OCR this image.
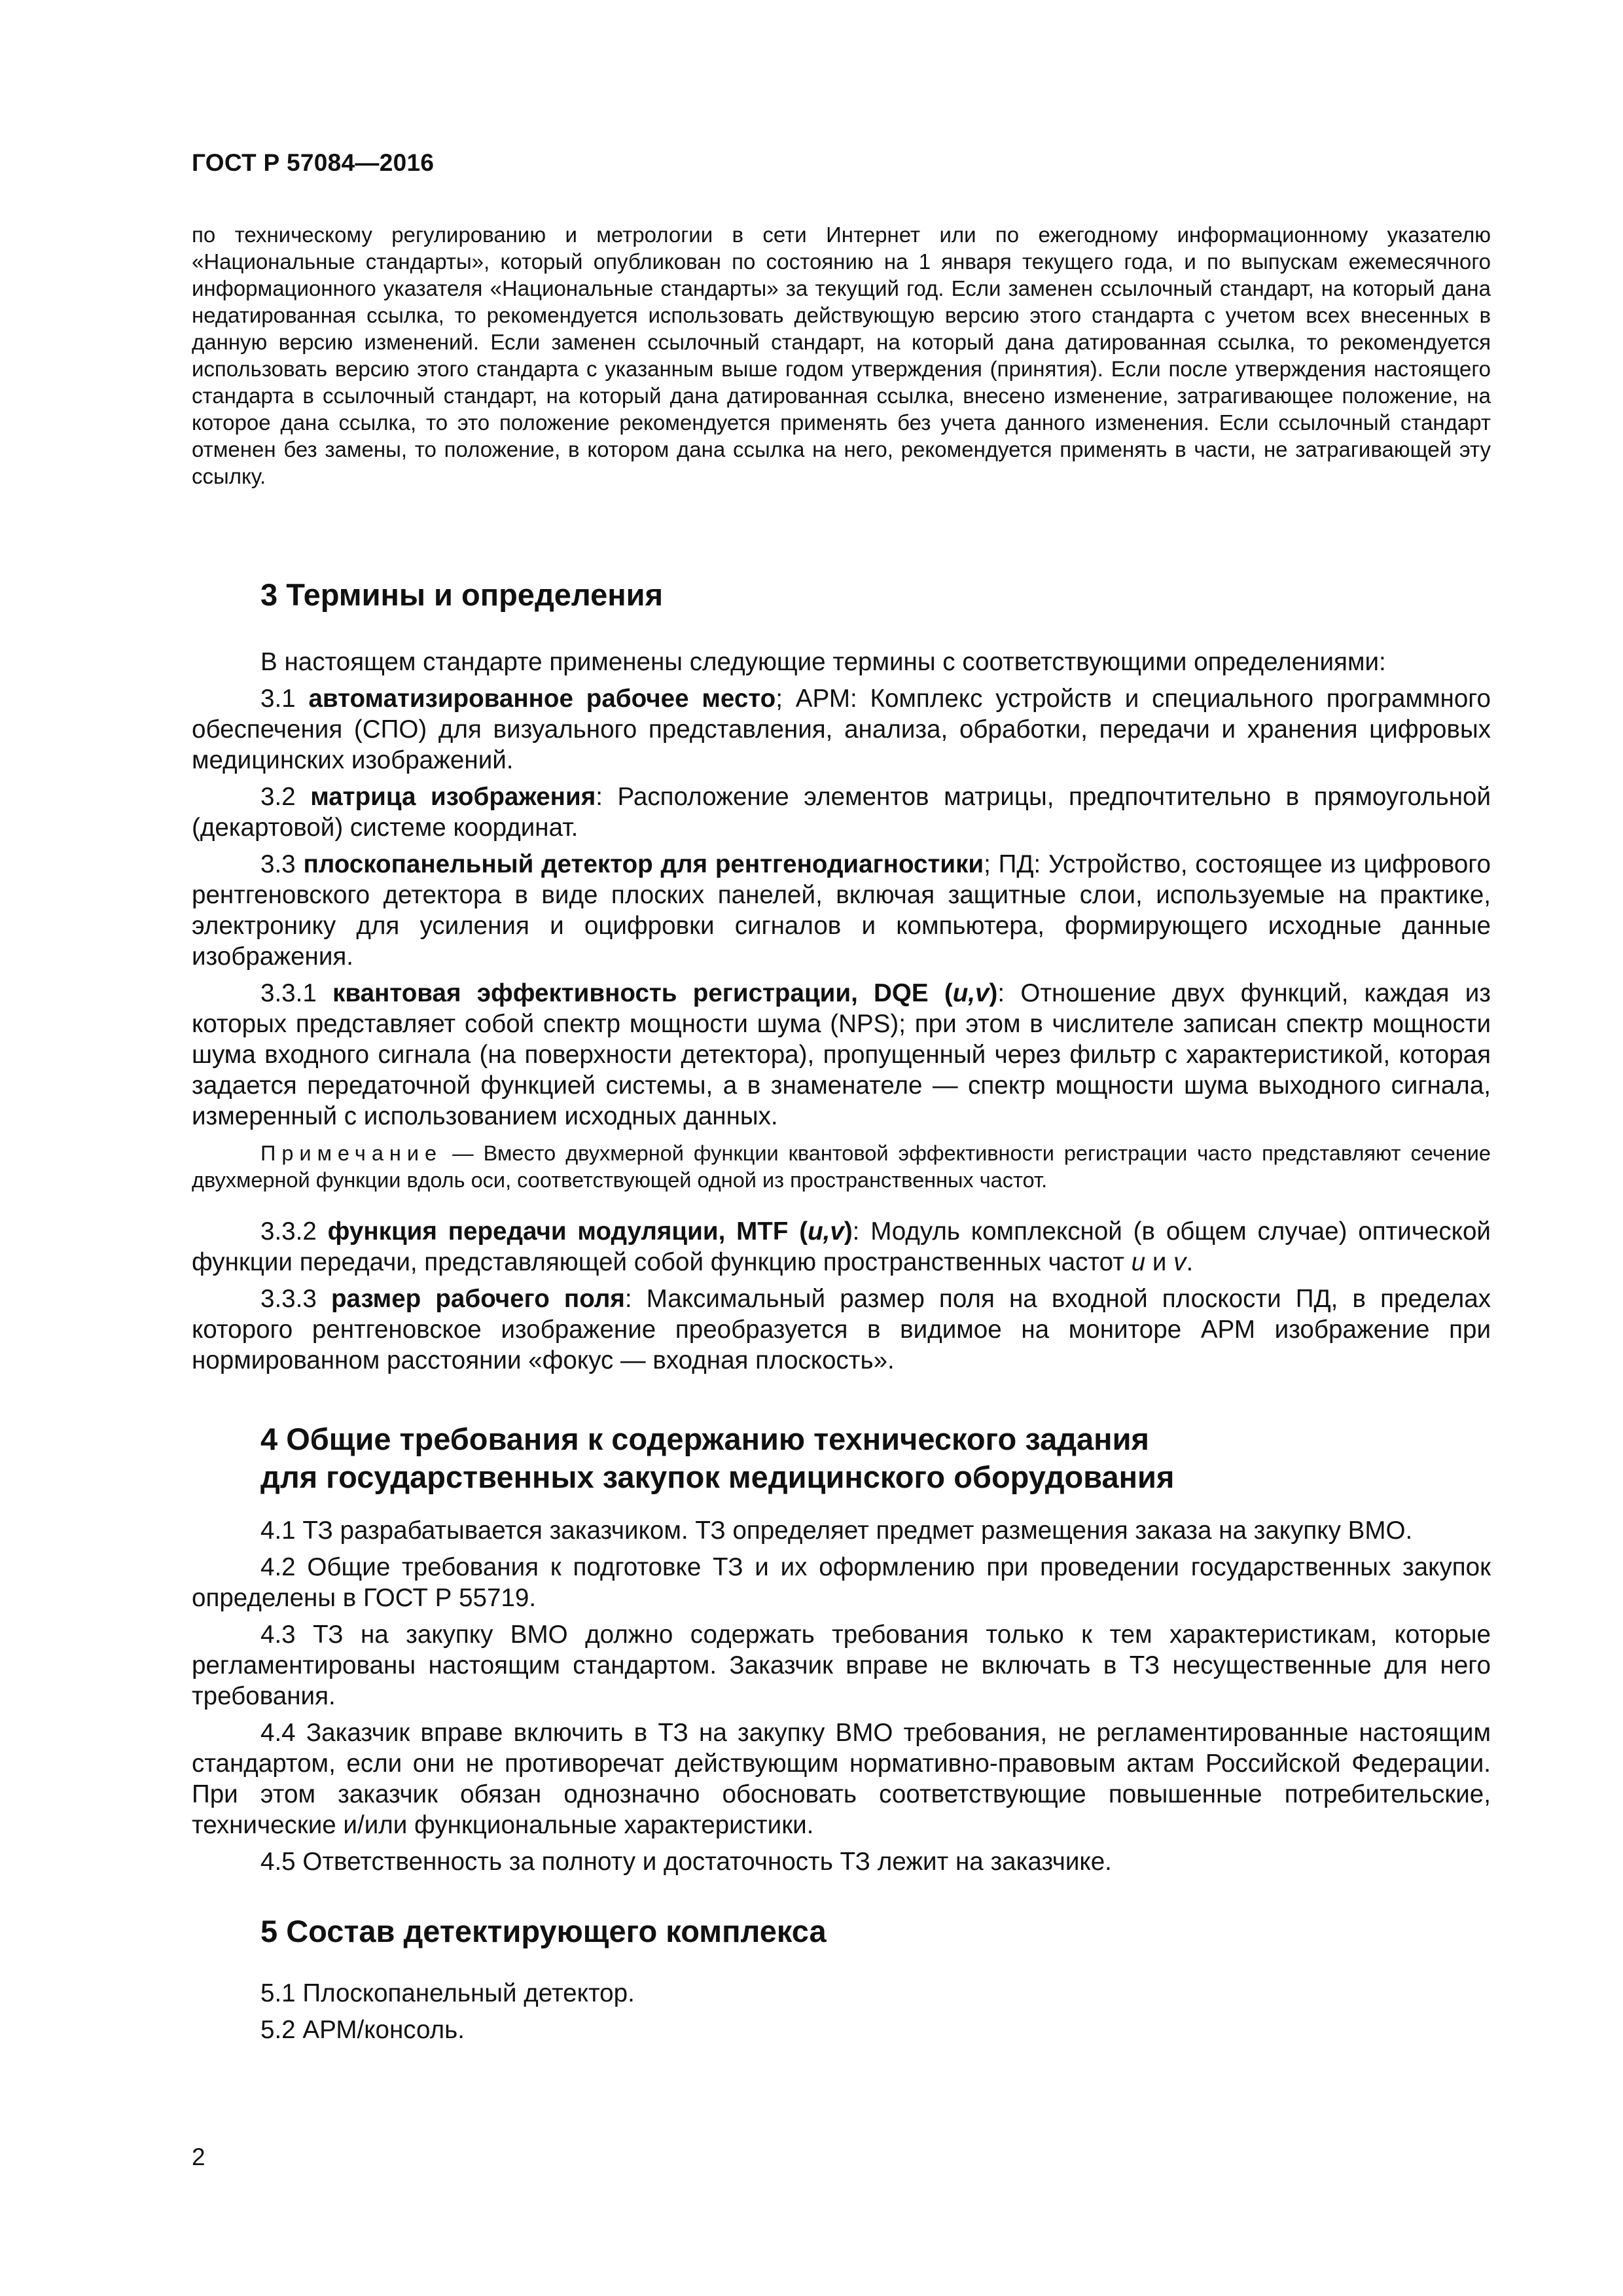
ГОСТ Р 57084—2016

по техническому регулированию и метрологии в сети Интернет или по ежегодному информационному указателю «Национальные стандарты», который опубликован по состоянию на 1 января текущего года, и по выпускам ежемесячного информационного указателя «Национальные стандарты» за текущий год. Если заменен ссылочный стандарт, на который дана недатированная ссылка, то рекомендуется использовать действующую версию этого стандарта с учетом всех внесенных в данную версию изменений. Если заменен ссылочный стандарт, на который дана датированная ссылка, то рекомендуется использовать версию этого стандарта с указанным выше годом утверждения (принятия). Если после утверждения настоящего стандарта в ссылочный стандарт, на который дана датированная ссылка, внесено изменение, затрагивающее положение, на которое дана ссылка, то это положение рекомендуется применять без учета данного изменения. Если ссылочный стандарт отменен без замены, то положение, в котором дана ссылка на него, рекомендуется применять в части, не затрагивающей эту ссылку.

3 Термины и определения

В настоящем стандарте применены следующие термины с соответствующими определениями:

3.1 автоматизированное рабочее место; АРМ: Комплекс устройств и специального программного обеспечения (СПО) для визуального представления, анализа, обработки, передачи и хранения цифровых медицинских изображений.

3.2 матрица изображения: Расположение элементов матрицы, предпочтительно в прямоугольной (декартовой) системе координат.

3.3 плоскопанельный детектор для рентгенодиагностики; ПД: Устройство, состоящее из цифрового рентгеновского детектора в виде плоских панелей, включая защитные слои, используемые на практике, электронику для усиления и оцифровки сигналов и компьютера, формирующего исходные данные изображения.

3.3.1 квантовая эффективность регистрации, DQE (u,v): Отношение двух функций, каждая из которых представляет собой спектр мощности шума (NPS); при этом в числителе записан спектр мощности шума входного сигнала (на поверхности детектора), пропущенный через фильтр с характеристикой, которая задается передаточной функцией системы, а в знаменателе — спектр мощности шума выходного сигнала, измеренный с использованием исходных данных.

Примечание — Вместо двухмерной функции квантовой эффективности регистрации часто представляют сечение двухмерной функции вдоль оси, соответствующей одной из пространственных частот.

3.3.2 функция передачи модуляции, MTF (u,v): Модуль комплексной (в общем случае) оптической функции передачи, представляющей собой функцию пространственных частот u и v.

3.3.3 размер рабочего поля: Максимальный размер поля на входной плоскости ПД, в пределах которого рентгеновское изображение преобразуется в видимое на мониторе АРМ изображение при нормированном расстоянии «фокус — входная плоскость».

4 Общие требования к содержанию технического задания
для государственных закупок медицинского оборудования

4.1 ТЗ разрабатывается заказчиком. ТЗ определяет предмет размещения заказа на закупку ВМО.

4.2 Общие требования к подготовке ТЗ и их оформлению при проведении государственных закупок определены в ГОСТ Р 55719.

4.3 ТЗ на закупку ВМО должно содержать требования только к тем характеристикам, которые регламентированы настоящим стандартом. Заказчик вправе не включать в ТЗ несущественные для него требования.

4.4 Заказчик вправе включить в ТЗ на закупку ВМО требования, не регламентированные настоящим стандартом, если они не противоречат действующим нормативно-правовым актам Российской Федерации. При этом заказчик обязан однозначно обосновать соответствующие повышенные потребительские, технические и/или функциональные характеристики.

4.5 Ответственность за полноту и достаточность ТЗ лежит на заказчике.

5 Состав детектирующего комплекса

5.1 Плоскопанельный детектор.

5.2 АРМ/консоль.

2
